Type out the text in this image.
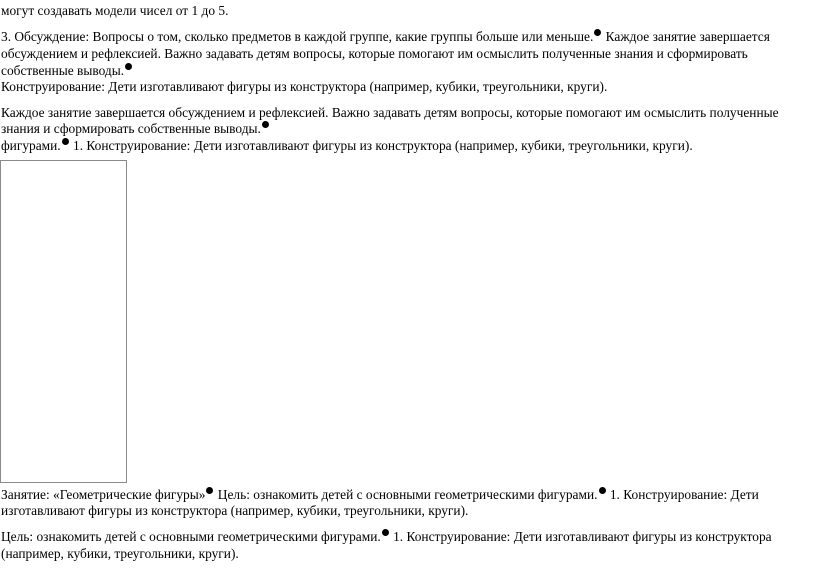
могут создавать модели чисел от 1 до 5.
3. Обсуждение: Вопросы о том, сколько предметов в каждой группе, какие группы больше или меньше. Каждое занятие завершается
обсуждением и рефлексией. Важно задавать детям вопросы, которые помогают им осмыслить полученные знания и сформировать
собственные выводы.
Конструирование: Дети изготавливают фигуры из конструктора (например, кубики, треугольники, круги).
Каждое занятие завершается обсуждением и рефлексией. Важно задавать детям вопросы, которые помогают им осмыслить полученные
знания и сформировать собственные выводы.
фигурами. 1. Конструирование: Дети изготавливают фигуры из конструктора (например, кубики, треугольники, круги).
Занятие: «Геометрические фигуры» Цель: ознакомить детей с основными геометрическими фигурами. 1. Конструирование: Дети
изготавливают фигуры из конструктора (например, кубики, треугольники, круги).
Цель: ознакомить детей с основными геометрическими фигурами. 1. Конструирование: Дети изготавливают фигуры из конструктора
(например, кубики, треугольники, круги).
